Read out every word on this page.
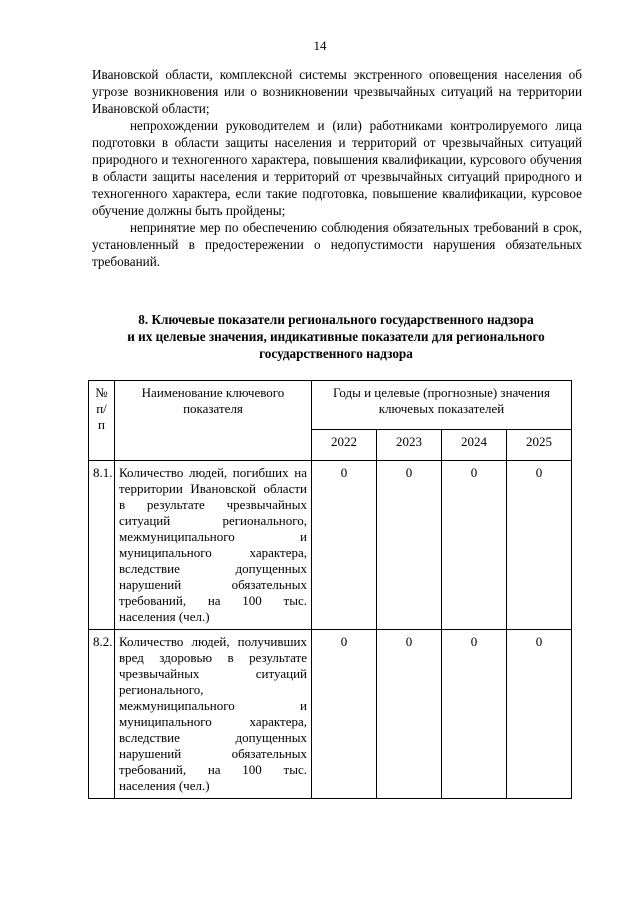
14

Ивановской области, комплексной системы экстренного оповещения населения об угрозе возникновения или о возникновении чрезвычайных ситуаций на территории Ивановской области;

непрохождении руководителем и (или) работниками контролируемого лица подготовки в области защиты населения и территорий от чрезвычайных ситуаций природного и техногенного характера, повышения квалификации, курсового обучения в области защиты населения и территорий от чрезвычайных ситуаций природного и техногенного характера, если такие подготовка, повышение квалификации, курсовое обучение должны быть пройдены;

непринятие мер по обеспечению соблюдения обязательных требований в срок, установленный в предостережении о недопустимости нарушения обязательных требований.

8. Ключевые показатели регионального государственного надзора
и их целевые значения, индикативные показатели для регионального
государственного надзора
№ п/п	Наименование ключевого показателя	Годы и целевые (прогнозные) значения ключевых показателей			
		2022	2023	2024	2025
8.1.	Количество людей, погибших на территории Ивановской области в результате чрезвычайных ситуаций регионального, межмуниципального и муниципального характера, вследствие допущенных нарушений обязательных требований, на 100 тыс. населения (чел.)	0	0	0	0
8.2.	Количество людей, получивших вред здоровью в результате чрезвычайных ситуаций регионального, межмуниципального и муниципального характера, вследствие допущенных нарушений обязательных требований, на 100 тыс. населения (чел.)	0	0	0	0
